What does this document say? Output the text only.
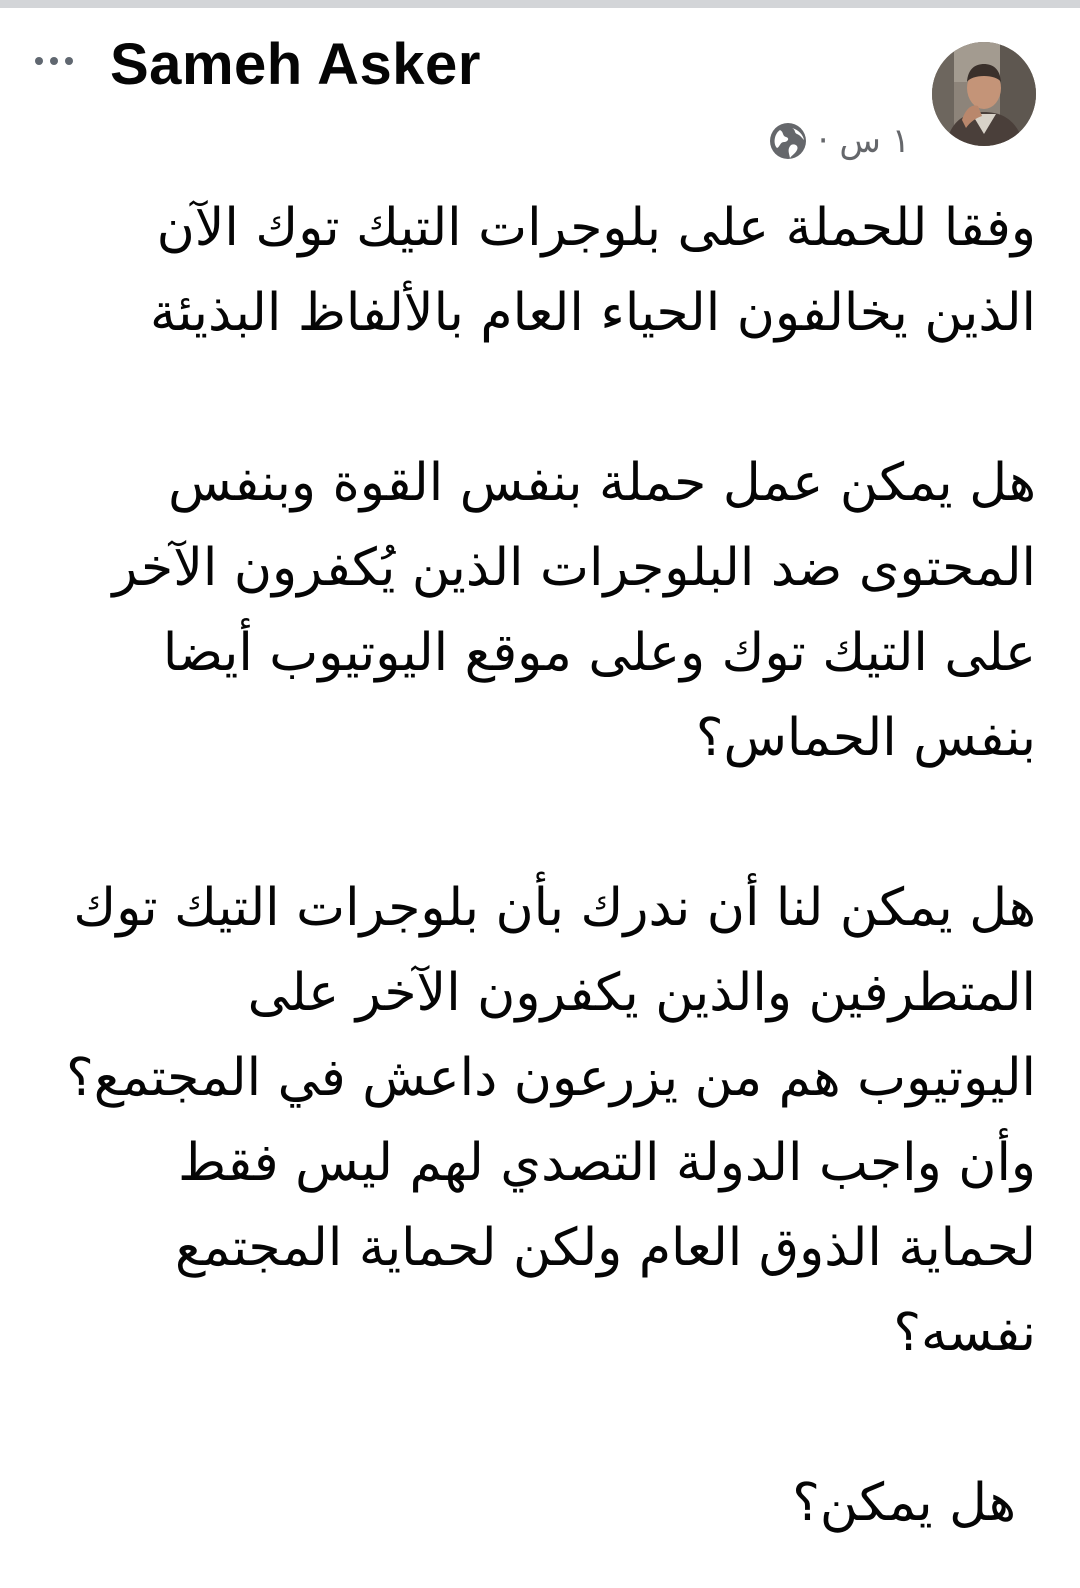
Sameh Asker
١ س ·

وفقا للحملة على بلوجرات التيك توك الآن
الذين يخالفون الحياء العام بالألفاظ البذيئة

هل يمكن عمل حملة بنفس القوة وبنفس
المحتوى ضد البلوجرات الذين يُكفرون الآخر
على التيك توك وعلى موقع اليوتيوب أيضا
بنفس الحماس؟

هل يمكن لنا أن ندرك بأن بلوجرات التيك توك
المتطرفين والذين يكفرون الآخر على
اليوتيوب هم من يزرعون داعش في المجتمع؟
وأن واجب الدولة التصدي لهم ليس فقط
لحماية الذوق العام ولكن لحماية المجتمع
نفسه؟

هل يمكن؟
